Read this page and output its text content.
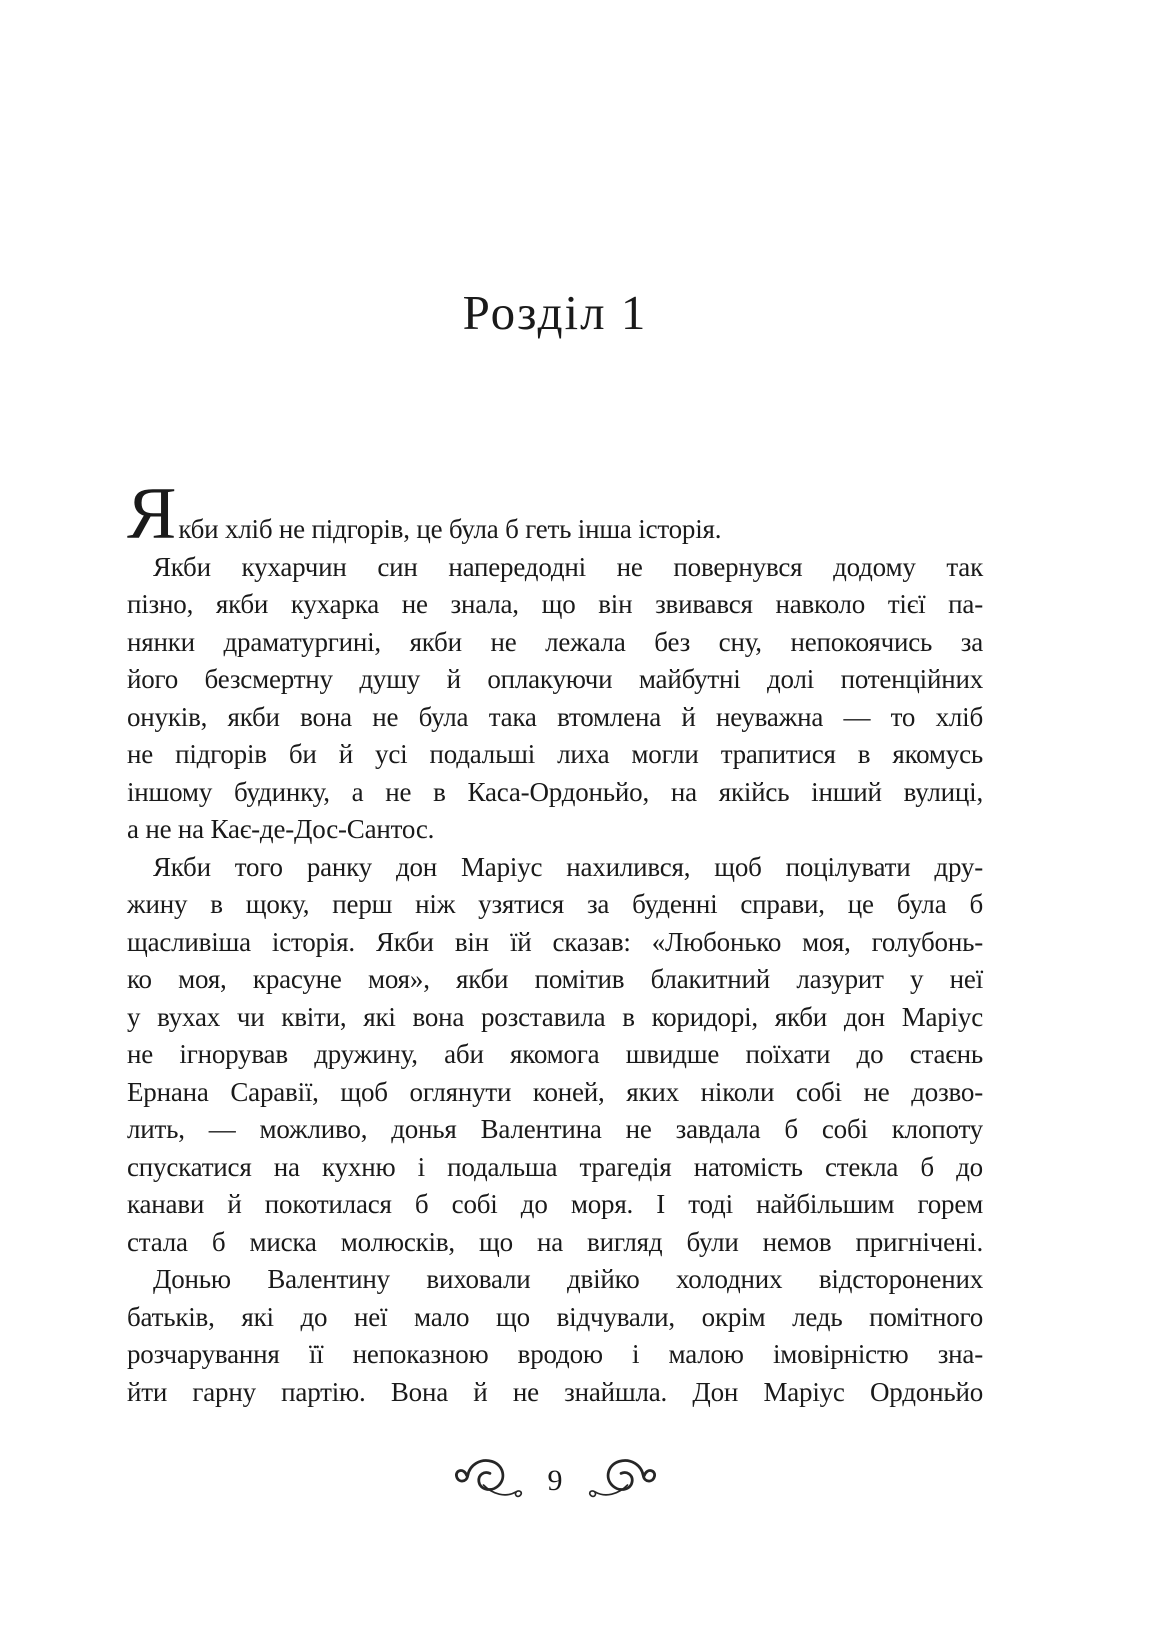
Розділ 1

Якби хліб не підгорів, це була б геть інша історія.

Якби кухарчин син напередодні не повернувся додому так
пізно, якби кухарка не знала, що він звивався навколо тієї па-
нянки драматургині, якби не лежала без сну, непокоячись за
його безсмертну душу й оплакуючи майбутні долі потенційних
онуків, якби вона не була така втомлена й неуважна — то хліб
не підгорів би й усі подальші лиха могли трапитися в якомусь
іншому будинку, а не в Каса-Ордоньйо, на якійсь інший вулиці,
а не на Кає-де-Дос-Сантос.
Якби того ранку дон Маріус нахилився, щоб поцілувати дру-
жину в щоку, перш ніж узятися за буденні справи, це була б
щасливіша історія. Якби він їй сказав: «Любонько моя, голубонь-
ко моя, красуне моя», якби помітив блакитний лазурит у неї
у вухах чи квіти, які вона розставила в коридорі, якби дон Маріус
не ігнорував дружину, аби якомога швидше поїхати до стаєнь
Ернана Саравії, щоб оглянути коней, яких ніколи собі не дозво-
лить, — можливо, донья Валентина не завдала б собі клопоту
спускатися на кухню і подальша трагедія натомість стекла б до
канави й покотилася б собі до моря. І тоді найбільшим горем
стала б миска молюсків, що на вигляд були немов пригнічені.
Донью Валентину виховали двійко холодних відсторонених
батьків, які до неї мало що відчували, окрім ледь помітного
розчарування її непоказною вродою і малою імовірністю зна-
йти гарну партію. Вона й не знайшла. Дон Маріус Ордоньйо
9
